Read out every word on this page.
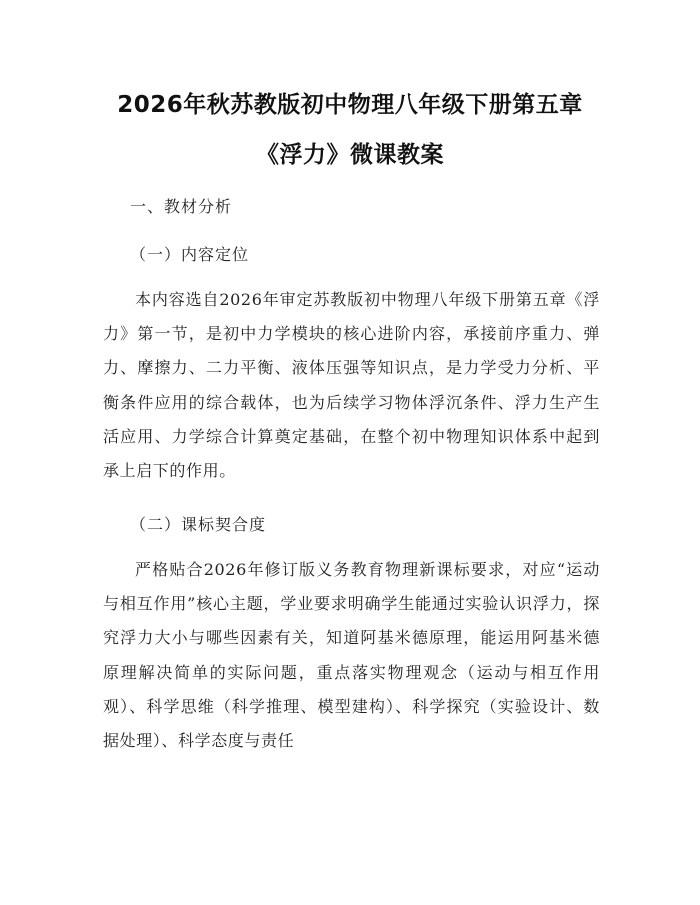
2026年秋苏教版初中物理八年级下册第五章
《浮力》微课教案
一、教材分析
（一）内容定位

本内容选自2026年审定苏教版初中物理八年级下册第五章《浮力》第一节，是初中力学模块的核心进阶内容，承接前序重力、弹力、摩擦力、二力平衡、液体压强等知识点，是力学受力分析、平衡条件应用的综合载体，也为后续学习物体浮沉条件、浮力生产生活应用、力学综合计算奠定基础，在整个初中物理知识体系中起到承上启下的作用。

（二）课标契合度

严格贴合2026年修订版义务教育物理新课标要求，对应“运动与相互作用”核心主题，学业要求明确学生能通过实验认识浮力，探究浮力大小与哪些因素有关，知道阿基米德原理，能运用阿基米德原理解决简单的实际问题，重点落实物理观念（运动与相互作用观）、科学思维（科学推理、模型建构）、科学探究（实验设计、数据处理）、科学态度与责任
